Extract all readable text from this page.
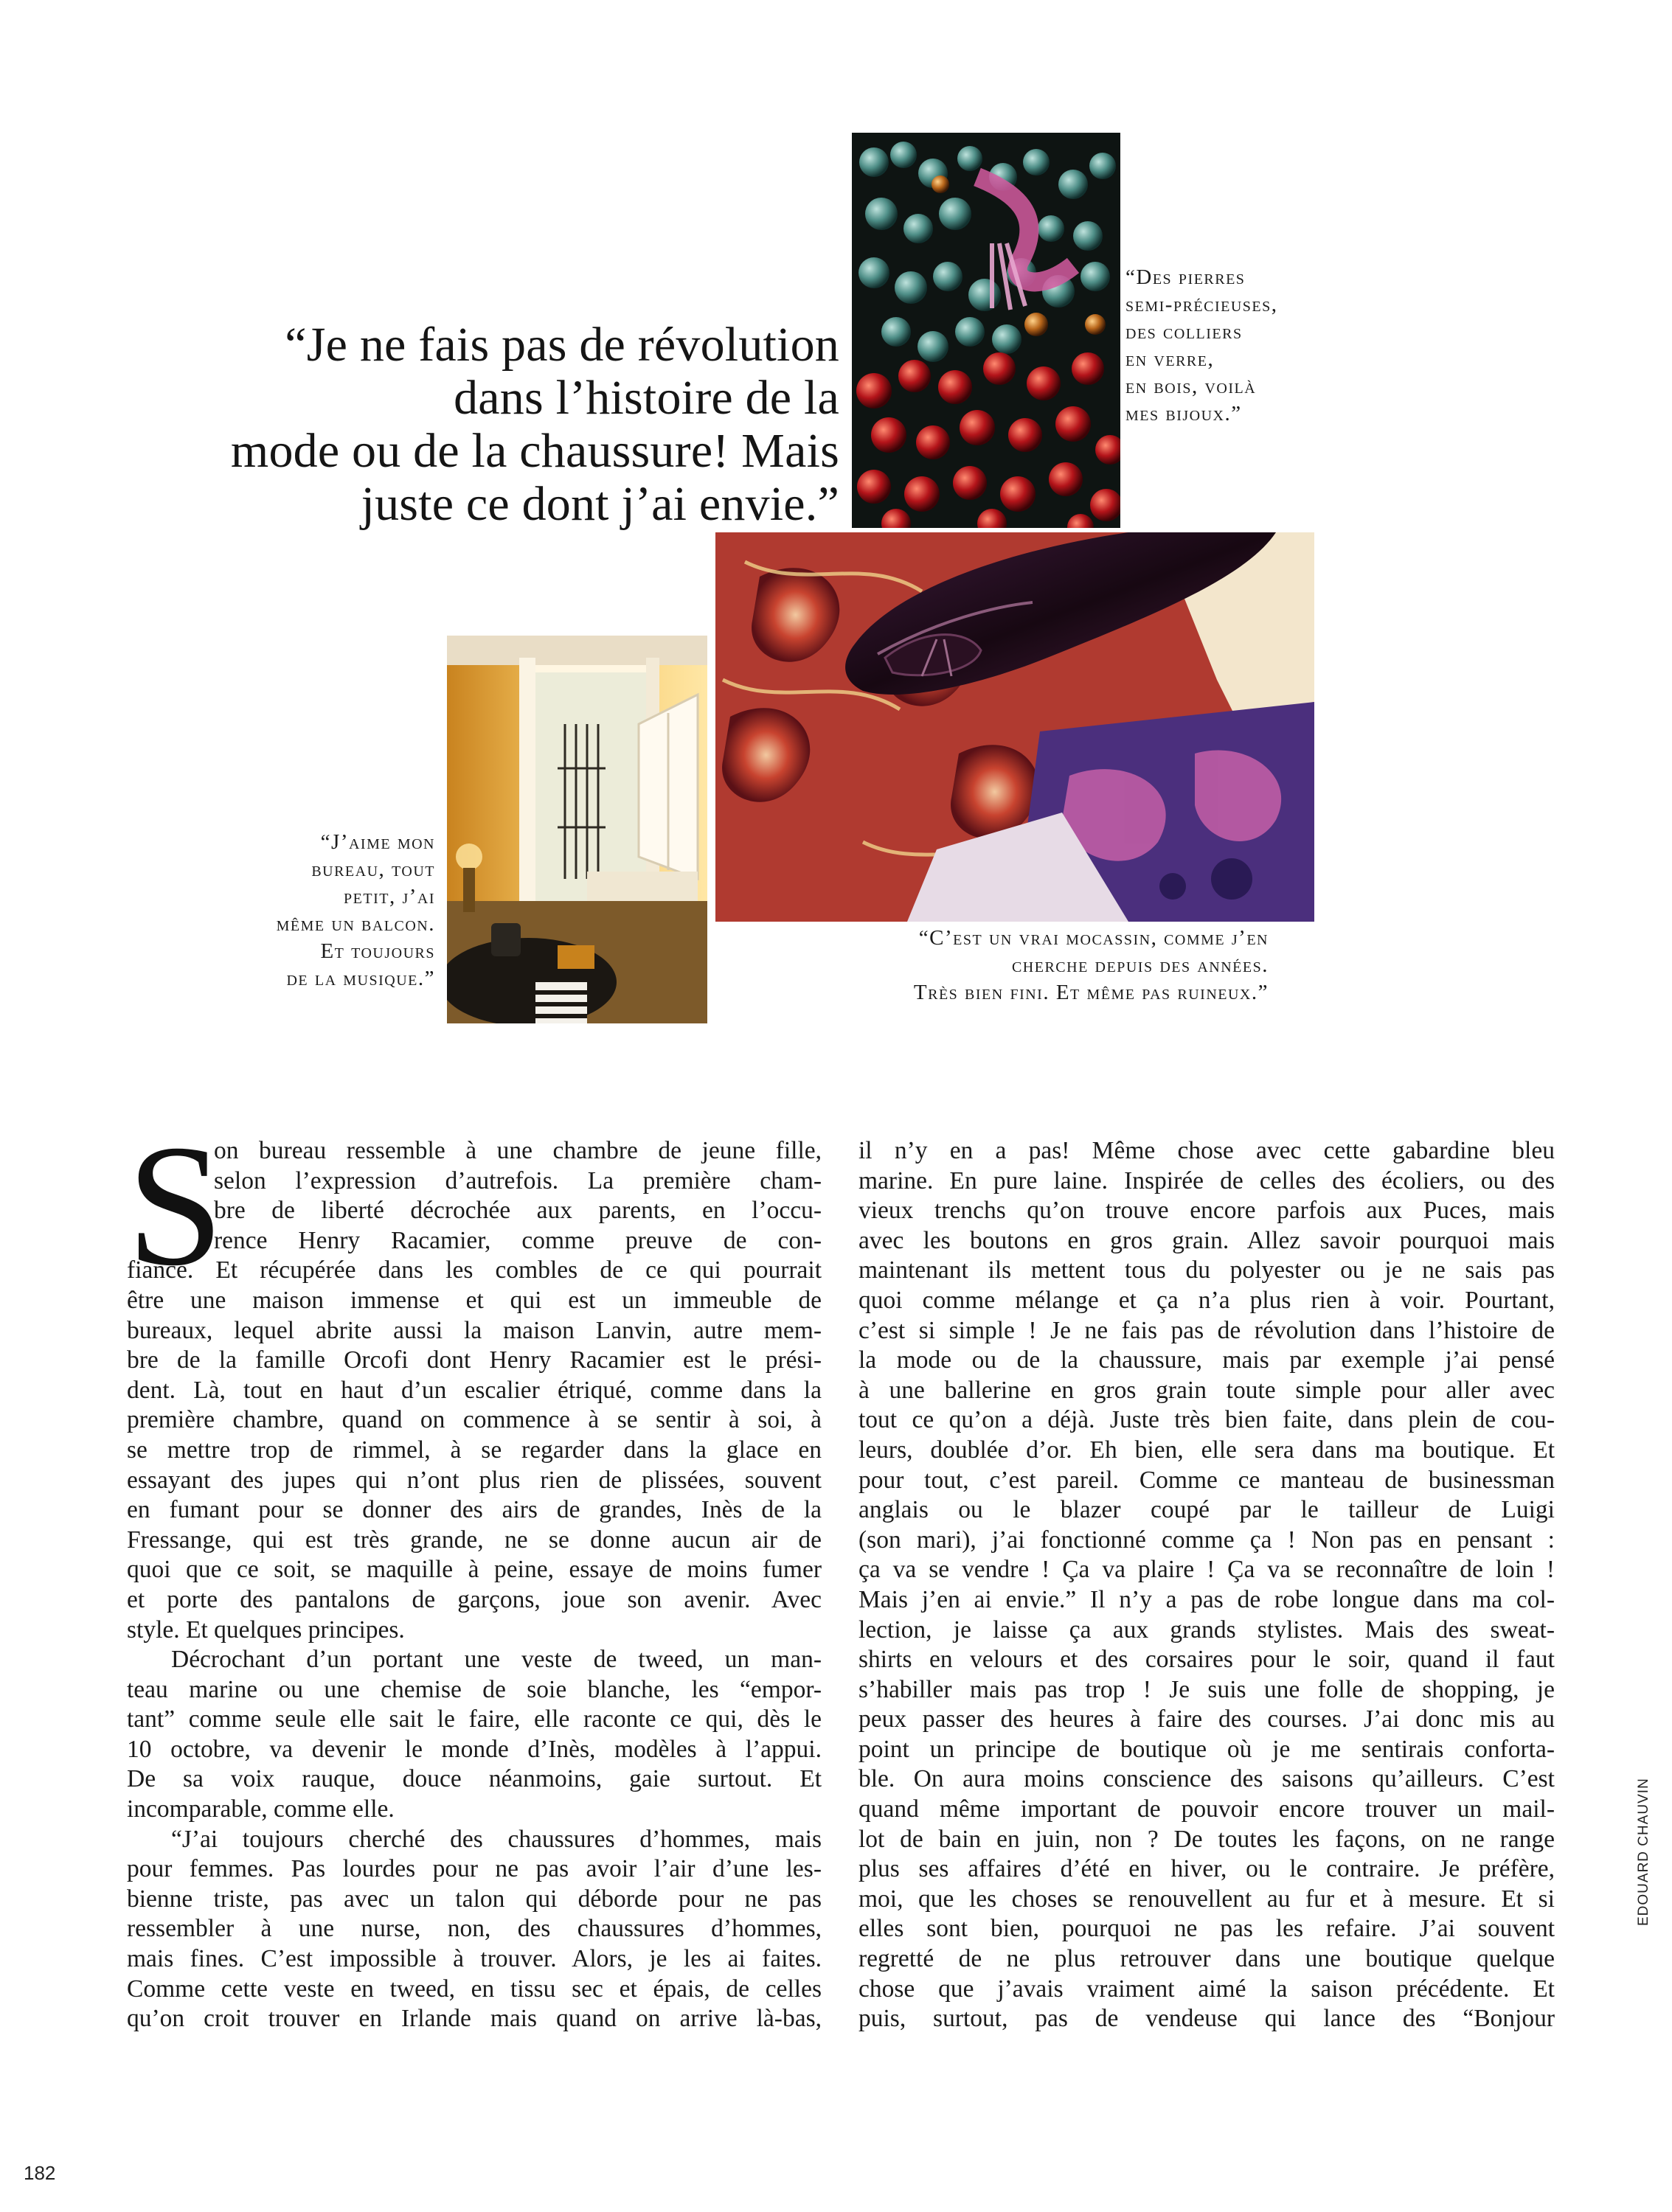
“Je ne fais pas de révolution
dans l’histoire de la
mode ou de la chaussure! Mais
juste ce dont j’ai envie.”
“Des pierres
semi-précieuses,
des colliers
en verre,
en bois, voilà
mes bijoux.”
“J’aime mon
bureau, tout
petit, j’ai
même un balcon.
Et toujours
de la musique.”
“C’est un vrai mocassin, comme j’en
cherche depuis des années.
Très bien fini. Et même pas ruineux.”
S
on bureau ressemble à une chambre de jeune fille,
selon l’expression d’autrefois. La première cham-
bre de liberté décrochée aux parents, en l’occu-
rence Henry Racamier, comme preuve de con-
fiance. Et récupérée dans les combles de ce qui pourrait
être une maison immense et qui est un immeuble de
bureaux, lequel abrite aussi la maison Lanvin, autre mem-
bre de la famille Orcofi dont Henry Racamier est le prési-
dent. Là, tout en haut d’un escalier étriqué, comme dans la
première chambre, quand on commence à se sentir à soi, à
se mettre trop de rimmel, à se regarder dans la glace en
essayant des jupes qui n’ont plus rien de plissées, souvent
en fumant pour se donner des airs de grandes, Inès de la
Fressange, qui est très grande, ne se donne aucun air de
quoi que ce soit, se maquille à peine, essaye de moins fumer
et porte des pantalons de garçons, joue son avenir. Avec
style. Et quelques principes.
Décrochant d’un portant une veste de tweed, un man-
teau marine ou une chemise de soie blanche, les “empor-
tant” comme seule elle sait le faire, elle raconte ce qui, dès le
10 octobre, va devenir le monde d’Inès, modèles à l’appui.
De sa voix rauque, douce néanmoins, gaie surtout. Et
incomparable, comme elle.
“J’ai toujours cherché des chaussures d’hommes, mais
pour femmes. Pas lourdes pour ne pas avoir l’air d’une les-
bienne triste, pas avec un talon qui déborde pour ne pas
ressembler à une nurse, non, des chaussures d’hommes,
mais fines. C’est impossible à trouver. Alors, je les ai faites.
Comme cette veste en tweed, en tissu sec et épais, de celles
qu’on croit trouver en Irlande mais quand on arrive là-bas,
il n’y en a pas! Même chose avec cette gabardine bleu
marine. En pure laine. Inspirée de celles des écoliers, ou des
vieux trenchs qu’on trouve encore parfois aux Puces, mais
avec les boutons en gros grain. Allez savoir pourquoi mais
maintenant ils mettent tous du polyester ou je ne sais pas
quoi comme mélange et ça n’a plus rien à voir. Pourtant,
c’est si simple ! Je ne fais pas de révolution dans l’histoire de
la mode ou de la chaussure, mais par exemple j’ai pensé
à une ballerine en gros grain toute simple pour aller avec
tout ce qu’on a déjà. Juste très bien faite, dans plein de cou-
leurs, doublée d’or. Eh bien, elle sera dans ma boutique. Et
pour tout, c’est pareil. Comme ce manteau de businessman
anglais ou le blazer coupé par le tailleur de Luigi
(son mari), j’ai fonctionné comme ça ! Non pas en pensant :
ça va se vendre ! Ça va plaire ! Ça va se reconnaître de loin !
Mais j’en ai envie.” Il n’y a pas de robe longue dans ma col-
lection, je laisse ça aux grands stylistes. Mais des sweat-
shirts en velours et des corsaires pour le soir, quand il faut
s’habiller mais pas trop ! Je suis une folle de shopping, je
peux passer des heures à faire des courses. J’ai donc mis au
point un principe de boutique où je me sentirais conforta-
ble. On aura moins conscience des saisons qu’ailleurs. C’est
quand même important de pouvoir encore trouver un mail-
lot de bain en juin, non ? De toutes les façons, on ne range
plus ses affaires d’été en hiver, ou le contraire. Je préfère,
moi, que les choses se renouvellent au fur et à mesure. Et si
elles sont bien, pourquoi ne pas les refaire. J’ai souvent
regretté de ne plus retrouver dans une boutique quelque
chose que j’avais vraiment aimé la saison précédente. Et
puis, surtout, pas de vendeuse qui lance des “Bonjour
EDOUARD CHAUVIN
182
